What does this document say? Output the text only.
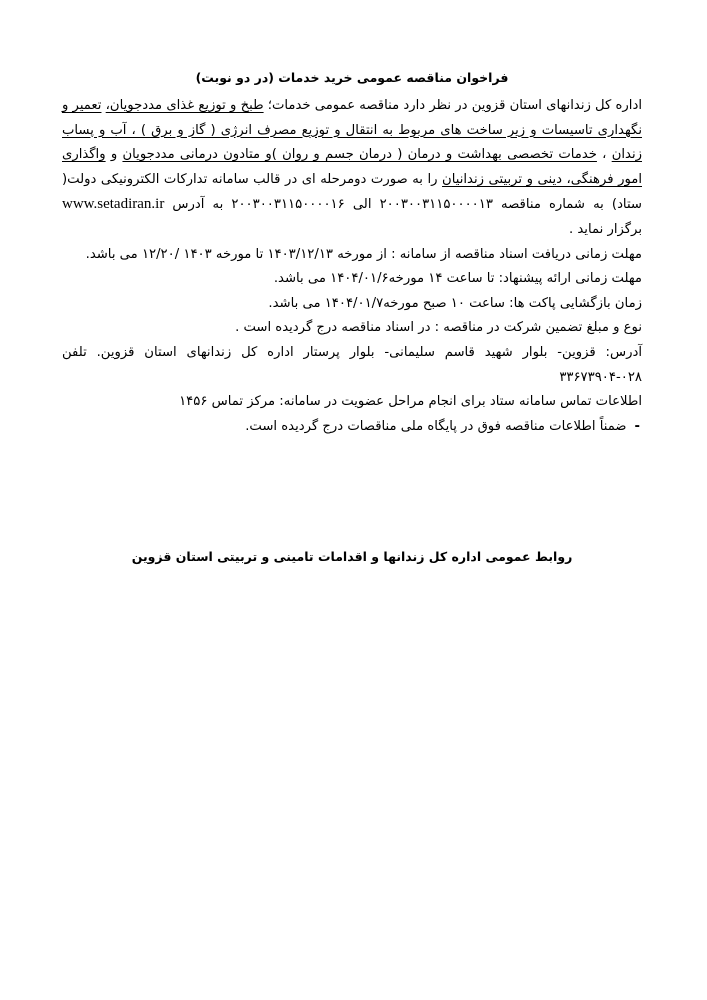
فراخوان مناقصه عمومی خرید خدمات (در دو نوبت)

اداره کل زندانهای استان قزوین در نظر دارد مناقصه عمومی خدمات؛ طبخ و توزیع غذای مددجویان، تعمیر و نگهداری تاسیسات و زیر ساخت های مربوط به انتقال و توزیع مصرف انرژی ( گاز و برق ) ، آب و پساب زندان ، خدمات تخصصی بهداشت و درمان ( درمان جسم و روان )و متادون درمانی مددجویان و واگذاری امور فرهنگی، دینی و تربیتی زندانیان را به صورت دومرحله ای در قالب سامانه تدارکات الکترونیکی دولت( ستاد) به شماره مناقصه ۲۰۰۳۰۰۳۱۱۵۰۰۰۰۱۳ الی ۲۰۰۳۰۰۳۱۱۵۰۰۰۰۱۶ به آدرس www.setadiran.ir برگزار نماید .

مهلت زمانی دریافت اسناد مناقصه از سامانه : از مورخه ۱۴۰۳/۱۲/۱۳ تا مورخه ۱۴۰۳ /۱۲/۲۰ می باشد.

مهلت زمانی ارائه پیشنهاد: تا ساعت ۱۴ مورخه۱۴۰۴/۰۱/۶ می باشد.

زمان بازگشایی پاکت ها: ساعت ۱۰ صبح مورخه۱۴۰۴/۰۱/۷ می باشد.

نوع و مبلغ تضمین شرکت در مناقصه : در اسناد مناقصه درج گردیده است .

آدرس: قزوین- بلوار شهید قاسم سلیمانی- بلوار پرستار اداره کل زندانهای استان قزوین. تلفن ۰۲۸-۳۳۶۷۳۹۰۴

اطلاعات تماس سامانه ستاد برای انجام مراحل عضویت در سامانه: مرکز تماس ۱۴۵۶

-ضمناً اطلاعات مناقصه فوق در پایگاه ملی مناقصات درج گردیده است.

روابط عمومی اداره کل زندانها و اقدامات تامینی و تربیتی استان قزوین
